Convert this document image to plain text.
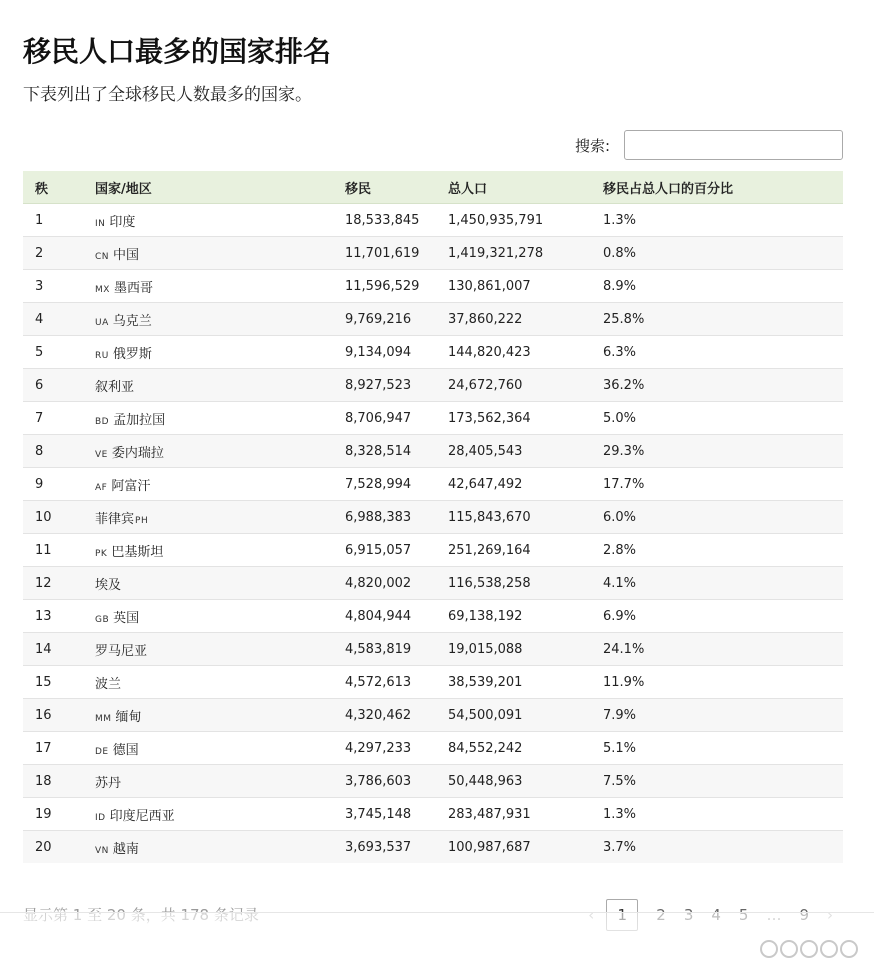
移民人口最多的国家排名
下表列出了全球移民人数最多的国家。
搜索:
秩	国家/地区	移民	总人口	移民占总人口的百分比
1	IN 印度	18,533,845	1,450,935,791	1.3%
2	CN 中国	11,701,619	1,419,321,278	0.8%
3	MX 墨西哥	11,596,529	130,861,007	8.9%
4	UA 乌克兰	9,769,216	37,860,222	25.8%
5	RU 俄罗斯	9,134,094	144,820,423	6.3%
6	叙利亚	8,927,523	24,672,760	36.2%
7	BD 孟加拉国	8,706,947	173,562,364	5.0%
8	VE 委内瑞拉	8,328,514	28,405,543	29.3%
9	AF 阿富汗	7,528,994	42,647,492	17.7%
10	菲律宾PH	6,988,383	115,843,670	6.0%
11	PK 巴基斯坦	6,915,057	251,269,164	2.8%
12	埃及	4,820,002	116,538,258	4.1%
13	GB 英国	4,804,944	69,138,192	6.9%
14	罗马尼亚	4,583,819	19,015,088	24.1%
15	波兰	4,572,613	38,539,201	11.9%
16	MM 缅甸	4,320,462	54,500,091	7.9%
17	DE 德国	4,297,233	84,552,242	5.1%
18	苏丹	3,786,603	50,448,963	7.5%
19	ID 印度尼西亚	3,745,148	283,487,931	1.3%
20	VN 越南	3,693,537	100,987,687	3.7%
